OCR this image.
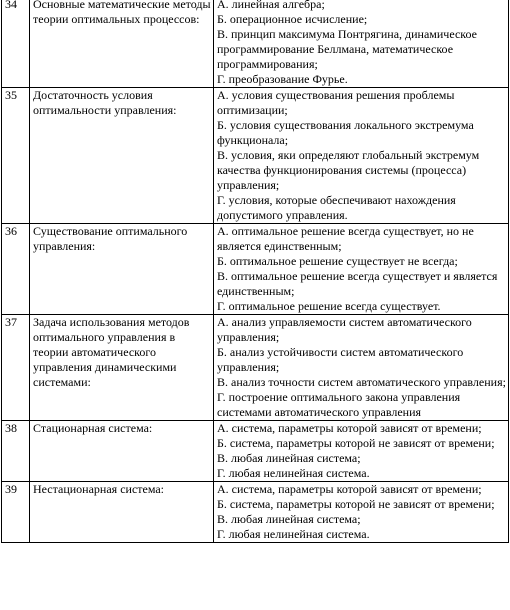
34	Основные математические методы теории оптимальных процессов:	А. линейная алгебра;
Б. операционное исчисление;
В. принцип максимума Понтрягина, динамическое программирование Беллмана, математическое программирования;
Г. преобразование Фурье.

35	Достаточность условия оптимальности управления:	А. условия существования решения проблемы оптимизации;
Б. условия существования локального экстремума функционала;
В. условия, яки определяют глобальный экстремум качества функционирования системы (процесса) управления;
Г. условия, которые обеспечивают нахождения допустимого управления.

36	Существование оптимального управления:	А. оптимальное решение всегда существует, но не является единственным;
Б. оптимальное решение существует не всегда;
В. оптимальное решение всегда существует и является единственным;
Г. оптимальное решение всегда существует.

37	Задача использования методов оптимального управления в теории автоматического управления динамическими системами:	А. анализ управляемости систем автоматического управления;
Б. анализ устойчивости систем автоматического управления;
В. анализ точности систем автоматического управления;
Г. построение оптимального закона управления системами автоматического управления

38	Стационарная система:	А. система, параметры которой зависят от времени;
Б. система, параметры которой не зависят от времени;
В. любая линейная система;
Г. любая нелинейная система.

39	Нестационарная система:	А. система, параметры которой зависят от времени;
Б. система, параметры которой не зависят от времени;
В. любая линейная система;
Г. любая нелинейная система.
